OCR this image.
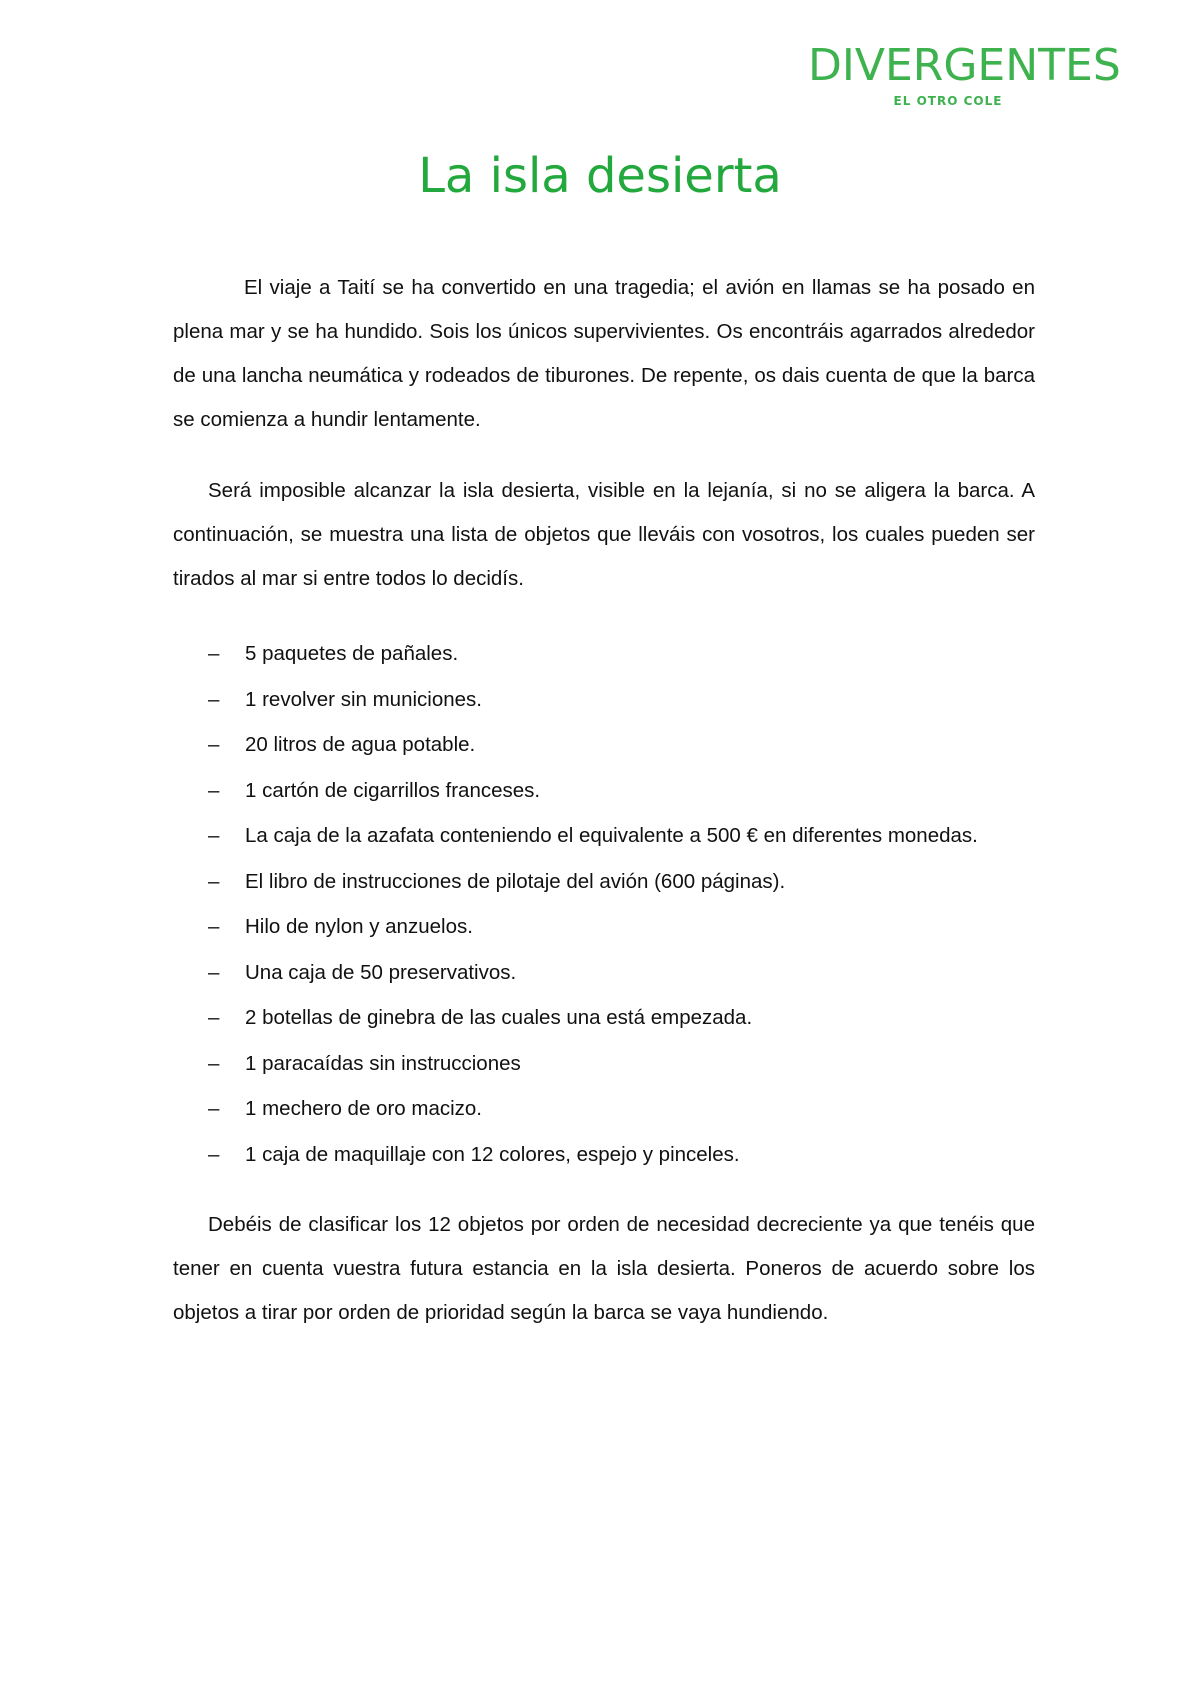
DIVERGENTES
EL OTRO COLE
La isla desierta

El viaje a Taití se ha convertido en una tragedia; el avión en llamas se ha posado en plena mar y se ha hundido. Sois los únicos supervivientes. Os encontráis agarrados alrededor de una lancha neumática y rodeados de tiburones. De repente, os dais cuenta de que la barca se comienza a hundir lentamente.

Será imposible alcanzar la isla desierta, visible en la lejanía, si no se aligera la barca. A continuación, se muestra una lista de objetos que lleváis con vosotros, los cuales pueden ser tirados al mar si entre todos lo decidís.

– 5 paquetes de pañales.
– 1 revolver sin municiones.
– 20 litros de agua potable.
– 1 cartón de cigarrillos franceses.
– La caja de la azafata conteniendo el equivalente a 500 € en diferentes monedas.
– El libro de instrucciones de pilotaje del avión (600 páginas).
– Hilo de nylon y anzuelos.
– Una caja de 50 preservativos.
– 2 botellas de ginebra de las cuales una está empezada.
– 1 paracaídas sin instrucciones
– 1 mechero de oro macizo.
– 1 caja de maquillaje con 12 colores, espejo y pinceles.

Debéis de clasificar los 12 objetos por orden de necesidad decreciente ya que tenéis que tener en cuenta vuestra futura estancia en la isla desierta. Poneros de acuerdo sobre los objetos a tirar por orden de prioridad según la barca se vaya hundiendo.
